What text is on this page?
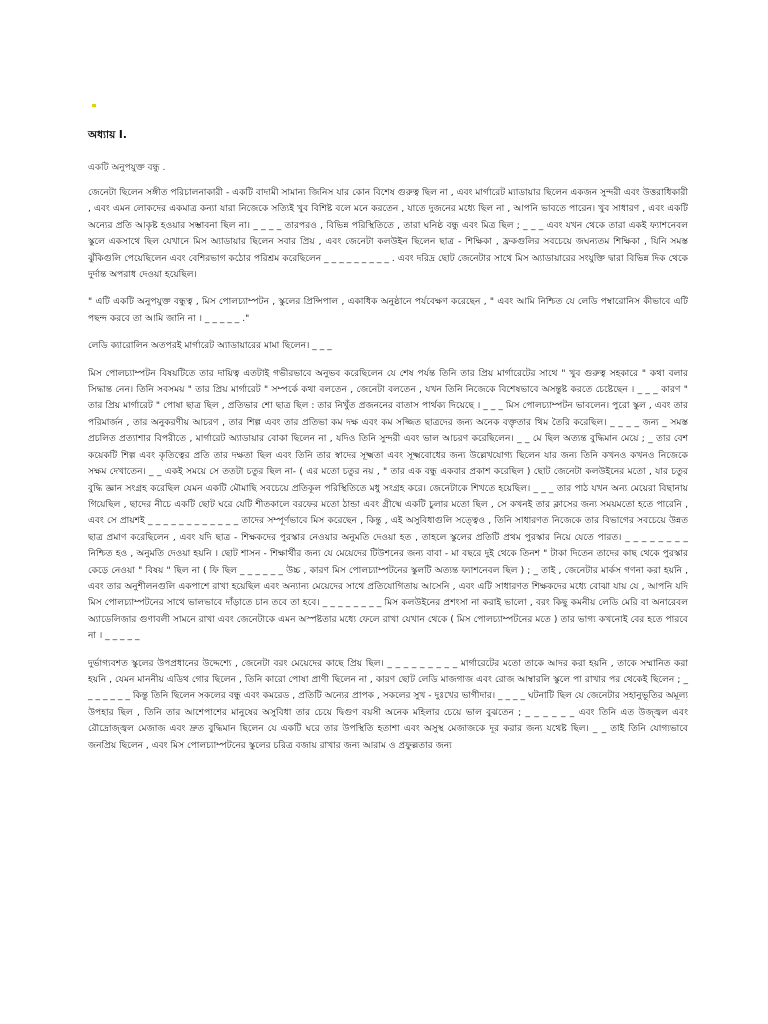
অধ্যায় I.
একটি অনুপযুক্ত বন্ধু .

জেনেটা ছিলেন সঙ্গীত পরিচালনাকারী - একটি বাদামী সামান্য জিনিস যার কোন বিশেষ গুরুত্ব ছিল না , এবং মার্গারেট ম্যাডায়ার ছিলেন একজন সুন্দরী এবং উত্তরাধিকারী , এবং এমন লোকদের একমাত্র কন্যা যারা নিজেকে সত্যিই খুব বিশিষ্ট বলে মনে করতেন , যাতে দুজনের মধ্যে ছিল না , আপনি ভাবতে পারেন। খুব সাধারণ , এবং একটি অন্যের প্রতি আকৃষ্ট হওয়ার সম্ভাবনা ছিল না। _ _ _ _ তারপরও , বিভিন্ন পরিস্থিতিতে , তারা ঘনিষ্ঠ বন্ধু এবং মিত্র ছিল ; _ _ _ এবং যখন থেকে তারা একই ফ্যাশনেবল স্কুলে একসাথে ছিল যেখানে মিস অ্যাডায়ার ছিলেন সবার প্রিয় , এবং জেনেটা কলউইন ছিলেন ছাত্র - শিক্ষিকা , ফ্রকগুলির সবচেয়ে জঘন্যতম শিক্ষিকা , যিনি সমস্ত ঝুঁকিগুলি পেয়েছিলেন এবং বেশিরভাগ কঠোর পরিশ্রম করেছিলেন _ _ _ _ _ _ _ _ _ . এবং দরিদ্র ছোট জেনেটার সাথে মিস অ্যাডায়ারের সংযুক্তি দ্বারা বিভিন্ন দিক থেকে দুর্দান্ত অপরাধ দেওয়া হয়েছিল।

" এটি একটি অনুপযুক্ত বন্ধুত্ব , মিস পোলচ্যাম্পটন , স্কুলের প্রিন্সিপাল , একাধিক অনুষ্ঠানে পর্যবেক্ষণ করেছেন , " এবং আমি নিশ্চিত যে লেডি পম্বারোনিস কীভাবে এটি পছন্দ করবে তা আমি জানি না । _ _ _ _ _ ."

লেডি ক্যারোলিন অতপরই মার্গারেট অ্যাডায়ারের মামা ছিলেন। _ _ _

মিস পোলচ্যাম্পটন বিষয়টিতে তার দায়িত্ব এতটাই গভীরভাবে অনুভব করেছিলেন যে শেষ পর্যন্ত তিনি তার প্রিয় মার্গারেটের সাথে " খুব গুরুত্ব সহকারে " কথা বলার সিদ্ধান্ত নেন। তিনি সবসময় " তার প্রিয় মার্গারেট " সম্পর্কে কথা বলতেন , জেনেটা বলতেন , যখন তিনি নিজেকে বিশেষভাবে অসন্তুষ্ট করতে চেষ্টেছেন । _ _ _ কারণ " তার প্রিয় মার্গারেট " পোষা ছাত্র ছিল , প্রতিভার শো ছাত্র ছিল : তার নিখুঁত প্রজননের বাতাস পার্থক্য দিয়েছে । _ _ _ মিস পোলচ্যাম্পটন ভাবলেন। পুরো স্কুল , এবং তার পরিমার্জন , তার অনুকরণীয় আচরণ , তার শিল্প এবং তার প্রতিভা কম দক্ষ এবং কম সজ্জিত ছাত্রদের জন্য অনেক বক্তৃতার থিম তৈরি করেছিল। _ _ _ _ জন্য _ সমস্ত প্রচলিত প্রত্যাশার বিপরীতে , মার্গারেট অ্যাডায়ার বোকা ছিলেন না , যদিও তিনি সুন্দরী এবং ভাল আচরণ করেছিলেন। _ _ মে ছিল অত্যন্ত বুদ্ধিমান মেয়ে ; _ তার বেশ কয়েকটি শিল্প এবং কৃতিত্বের প্রতি তার দক্ষতা ছিল এবং তিনি তার স্বাদের সূক্ষ্মতা এবং সূক্ষ্মবোধের জন্য উল্লেখযোগ্য ছিলেন যার জন্য তিনি কখনও কখনও নিজেকে সক্ষম দেখাতেন। _ _ একই সময়ে সে ততটা চতুর ছিল না- ( এর মতো চতুর নয় , " তার এক বন্ধু একবার প্রকাশ করেছিল ) ছোট জেনেটা কলউইনের মতো , যার চতুর বুদ্ধি জ্ঞান সংগ্রহ করেছিল যেমন একটি মৌমাছি সবচেয়ে প্রতিকূল পরিস্থিতিতে মধু সংগ্রহ করে। জেনেটাকে শিখতে হয়েছিল। _ _ _ তার পাঠ যখন অন্য মেয়েরা বিছানায় গিয়েছিল , ছাদের নীচে একটি ছোট ঘরে যেটি শীতকালে বরফের মতো ঠান্ডা এবং গ্রীষ্মে একটি চুলার মতো ছিল , সে কখনই তার ক্লাসের জন্য সময়মতো হতে পারেনি , এবং সে প্রায়শই _ _ _ _ _ _ _ _ _ _ _ _ তাদের সম্পূর্ণভাবে মিস করেছেন , কিন্তু , এই অসুবিধাগুলি সত্ত্বেও , তিনি সাধারণত নিজেকে তার বিভাগের সবচেয়ে উন্নত ছাত্র প্রমাণ করেছিলেন , এবং যদি ছাত্র - শিক্ষকদের পুরস্কার নেওয়ার অনুমতি দেওয়া হত , তাহলে স্কুলের প্রতিটি প্রথম পুরস্কার নিয়ে যেতে পারত। _ _ _ _ _ _ _ _ নিশ্চিত হও , অনুমতি দেওয়া হয়নি । ছোট শাসন - শিক্ষার্থীর জন্য যে মেয়েদের টিউশনের জন্য বাবা - মা বছরে দুই থেকে তিনশ " টাকা দিতেন তাদের কাছ থেকে পুরস্কার কেড়ে নেওয়া " বিষয় " ছিল না ( ফি ছিল _ _ _ _ _ _ উচ্চ , কারণ মিস পোলচ্যাম্পটনের স্কুলটি অত্যন্ত ফ্যাশনেবল ছিল ) ; _ তাই , জেনেটার মার্কস গণনা করা হয়নি , এবং তার অনুশীলনগুলি একপাশে রাখা হয়েছিল এবং অন্যান্য মেয়েদের সাথে প্রতিযোগিতায় আসেনি , এবং এটি সাধারণত শিক্ষকদের মধ্যে বোঝা যায় যে , আপনি যদি মিস পোলচ্যাম্পটনের সাথে ভালভাবে দাঁড়াতে চান তবে তা হবে। _ _ _ _ _ _ _ _ মিস কলউইনের প্রশংসা না করাই ভালো , বরং কিছু কমনীয় লেডি মেরি বা অনারেবল অ্যাডেলিজার গুণাবলী সামনে রাখা এবং জেনেটাকে এমন অস্পষ্টতার মধ্যে ফেলে রাখা যেখান থেকে ( মিস পোলচ্যাম্পটনের মতে ) তার ভাগ্য কখনোই বের হতে পারবে না । _ _ _ _ _

দুর্ভাগ্যবশত স্কুলের উপপ্রধানের উদ্দেশ্যে , জেনেটা বরং মেয়েদের কাছে প্রিয় ছিল। _ _ _ _ _ _ _ _ _ মার্গারেটের মতো তাকে আদর করা হয়নি , তাকে সম্মানিত করা হয়নি , যেমন মাননীয় এডিথ গোর ছিলেন , তিনি কারো পোষা প্রাণী ছিলেন না , কারণ ছোট লেডি মাজগাজ এবং রোজ আম্বারলি স্কুলে পা রাখার পর থেকেই ছিলেন ; _ _ _ _ _ _ _ কিন্তু তিনি ছিলেন সকলের বন্ধু এবং কমরেড , প্রতিটি অন্যের প্রাপক , সকলের সুখ - দুঃখের ভাগীদার। _ _ _ _ ঘটনাটি ছিল যে জেনেটার সহানুভূতির অমূল্য উপহার ছিল , তিনি তার আশেপাশের মানুষের অসুবিধা তার চেয়ে দ্বিগুণ বয়সী অনেক মহিলার চেয়ে ভাল বুঝতেন ; _ _ _ _ _ _ এবং তিনি এত উজ্জ্বল এবং রৌদ্রোজ্জ্বল মেজাজ এবং দ্রুত বুদ্ধিমান ছিলেন যে একটি ঘরে তার উপস্থিতি হতাশা এবং অসুস্থ মেজাজকে দূর করার জন্য যথেষ্ট ছিল। _ _ তাই তিনি যোগ্যভাবে জনপ্রিয় ছিলেন , এবং মিস পোলচ্যাম্পটনের স্কুলের চরিত্র বজায় রাখার জন্য আরাম ও প্রফুল্লতার জন্য
